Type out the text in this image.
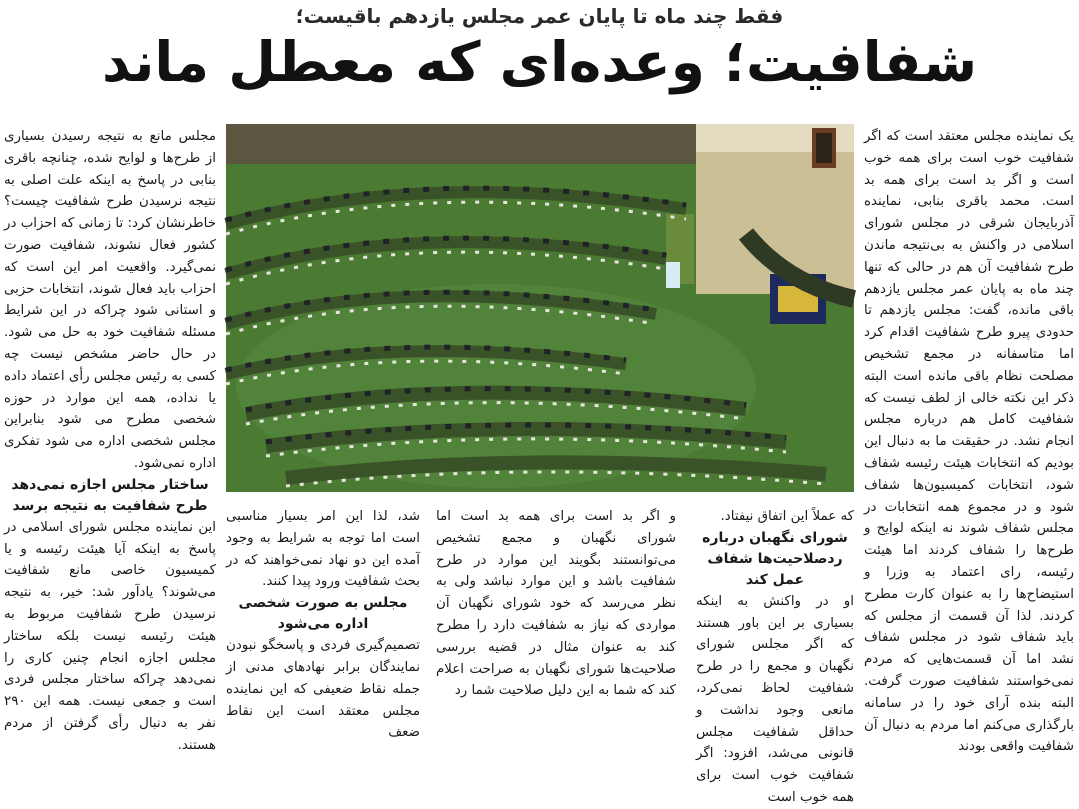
فقط چند ماه تا پایان عمر مجلس یازدهم باقیست؛
شفافیت؛ وعده‌ای که معطل ماند

یک نماینده مجلس معتقد است که اگر شفافیت خوب است برای همه خوب است و اگر بد است برای همه بد است. محمد باقری بنابی، نماینده آذربایجان شرقی در مجلس شورای اسلامی در واکنش به بی‌نتیجه ماندن طرح شفافیت آن هم در حالی که تنها چند ماه به پایان عمر مجلس یازدهم باقی مانده، گفت: مجلس یازدهم تا حدودی پیرو طرح شفافیت اقدام کرد اما متاسفانه در مجمع تشخیص مصلحت نظام باقی مانده است البته ذکر این نکته خالی از لطف نیست که شفافیت کامل هم درباره مجلس انجام نشد. در حقیقت ما به دنبال این بودیم که انتخابات هیئت رئیسه شفاف شود، انتخابات کمیسیون‌ها شفاف شود و در مجموع همه انتخابات در مجلس شفاف شوند نه اینکه لوایح و طرح‌ها را شفاف کردند اما هیئت رئیسه، رای اعتماد به وزرا و استیضاح‌ها را به عنوان کارت مطرح کردند. لذا آن قسمت از مجلس که باید شفاف شود در مجلس شفاف نشد اما آن قسمت‌هایی که مردم نمی‌خواستند شفافیت صورت گرفت. البته بنده آرای خود را در سامانه بارگذاری می‌کنم اما مردم به دنبال آن شفافیت واقعی بودند

مجلس مانع به نتیجه رسیدن بسیاری از طرح‌ها و لوایح شده، چنانچه باقری بنابی در پاسخ به اینکه علت اصلی به نتیجه نرسیدن طرح شفافیت چیست؟ خاطرنشان کرد: تا زمانی که احزاب در کشور فعال نشوند، شفافیت صورت نمی‌گیرد. واقعیت امر این است که احزاب باید فعال شوند، انتخابات حزبی و استانی شود چراکه در این شرایط مسئله شفافیت خود به حل می شود. در حال حاضر مشخص نیست چه کسی به رئیس مجلس رأی اعتماد داده یا نداده، همه این موارد در حوزه شخصی مطرح می شود بنابراین مجلس شخصی اداره می شود تفکری اداره نمی‌شود.

ساختار مجلس اجازه نمی‌دهد طرح شفافیت به نتیجه برسد

این نماینده مجلس شورای اسلامی در پاسخ به اینکه آیا هیئت رئیسه و یا کمیسیون خاصی مانع شفافیت می‌شوند؟ یادآور شد: خیر، به نتیجه نرسیدن طرح شفافیت مربوط به هیئت رئیسه نیست بلکه ساختار مجلس اجازه انجام چنین کاری را نمی‌دهد چراکه ساختار مجلس فردی است و جمعی نیست. همه این ۲۹۰ نفر به دنبال رأی گرفتن از مردم هستند.

که عملاً این اتفاق نیفتاد.

شورای نگهبان درباره ردصلاحیت‌ها شفاف عمل کند

او در واکنش به اینکه بسیاری بر این باور هستند که اگر مجلس شورای نگهبان و مجمع را در طرح شفافیت لحاظ نمی‌کرد، مانعی وجود نداشت و حداقل شفافیت مجلس قانونی می‌شد، افزود: اگر شفافیت خوب است برای همه خوب است

و اگر بد است برای همه بد است اما شورای نگهبان و مجمع تشخیص می‌توانستند بگویند این موارد در طرح شفافیت باشد و این موارد نباشد ولی به نظر می‌رسد که خود شورای نگهبان آن مواردی که نیاز به شفافیت دارد را مطرح کند به عنوان مثال در قضیه بررسی صلاحیت‌ها شورای نگهبان به صراحت اعلام کند که شما به این دلیل صلاحیت شما رد

شد، لذا این امر بسیار مناسبی است اما توجه به شرایط به وجود آمده این دو نهاد نمی‌خواهند که در بحث شفافیت ورود پیدا کنند.

مجلس به صورت شخصی اداره می‌شود

تصمیم‌گیری فردی و پاسخگو نبودن نمایندگان برابر نهادهای مدنی از جمله نقاط ضعیفی که این نماینده مجلس معتقد است این نقاط ضعف
